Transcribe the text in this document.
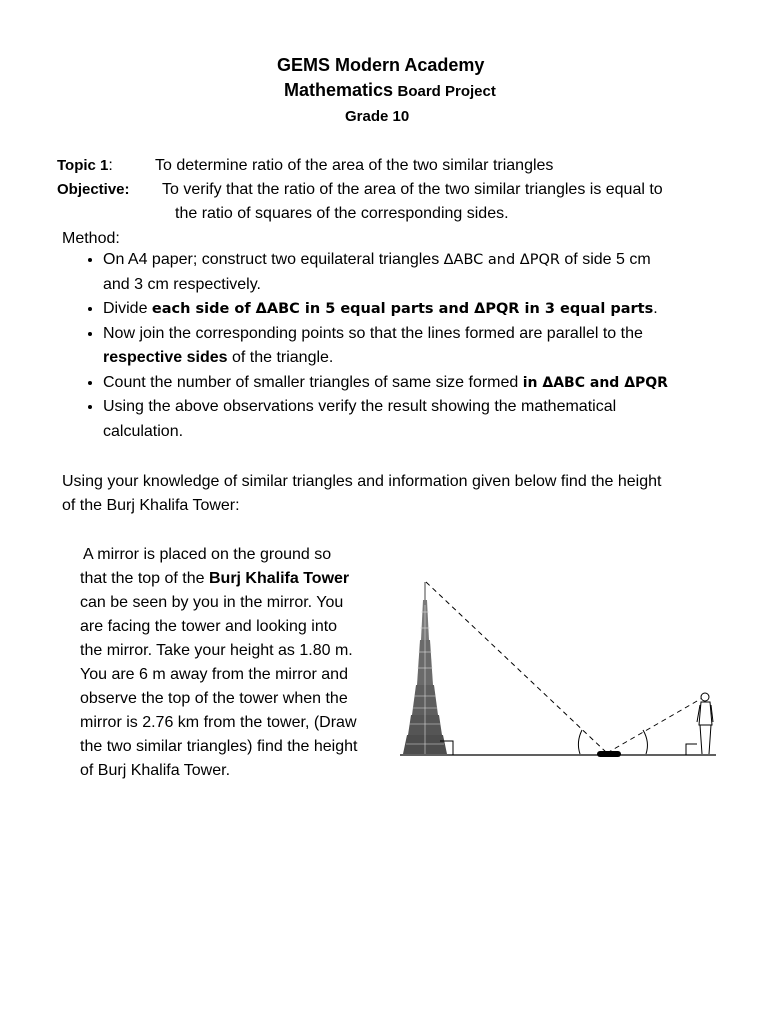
GEMS Modern Academy
Mathematics Board Project
Grade 10
Topic 1:	To determine ratio of the area of the two similar triangles
Objective: To verify that the ratio of the area of the two similar triangles is equal to
the ratio of squares of the corresponding sides.
Method:
• On A4 paper; construct two equilateral triangles ΔABC and ΔPQR of side 5 cm
and 3 cm respectively.
• Divide each side of ΔABC in 5 equal parts and ΔPQR in 3 equal parts.
• Now join the corresponding points so that the lines formed are parallel to the
respective sides of the triangle.
• Count the number of smaller triangles of same size formed in ΔABC and ΔPQR
• Using the above observations verify the result showing the mathematical
calculation.
Using your knowledge of similar triangles and information given below find the height
of the Burj Khalifa Tower:
A mirror is placed on the ground so
that the top of the Burj Khalifa Tower
can be seen by you in the mirror. You
are facing the tower and looking into
the mirror. Take your height as 1.80 m.
You are 6 m away from the mirror and
observe the top of the tower when the
mirror is 2.76 km from the tower, (Draw
the two similar triangles) find the height
of Burj Khalifa Tower.
